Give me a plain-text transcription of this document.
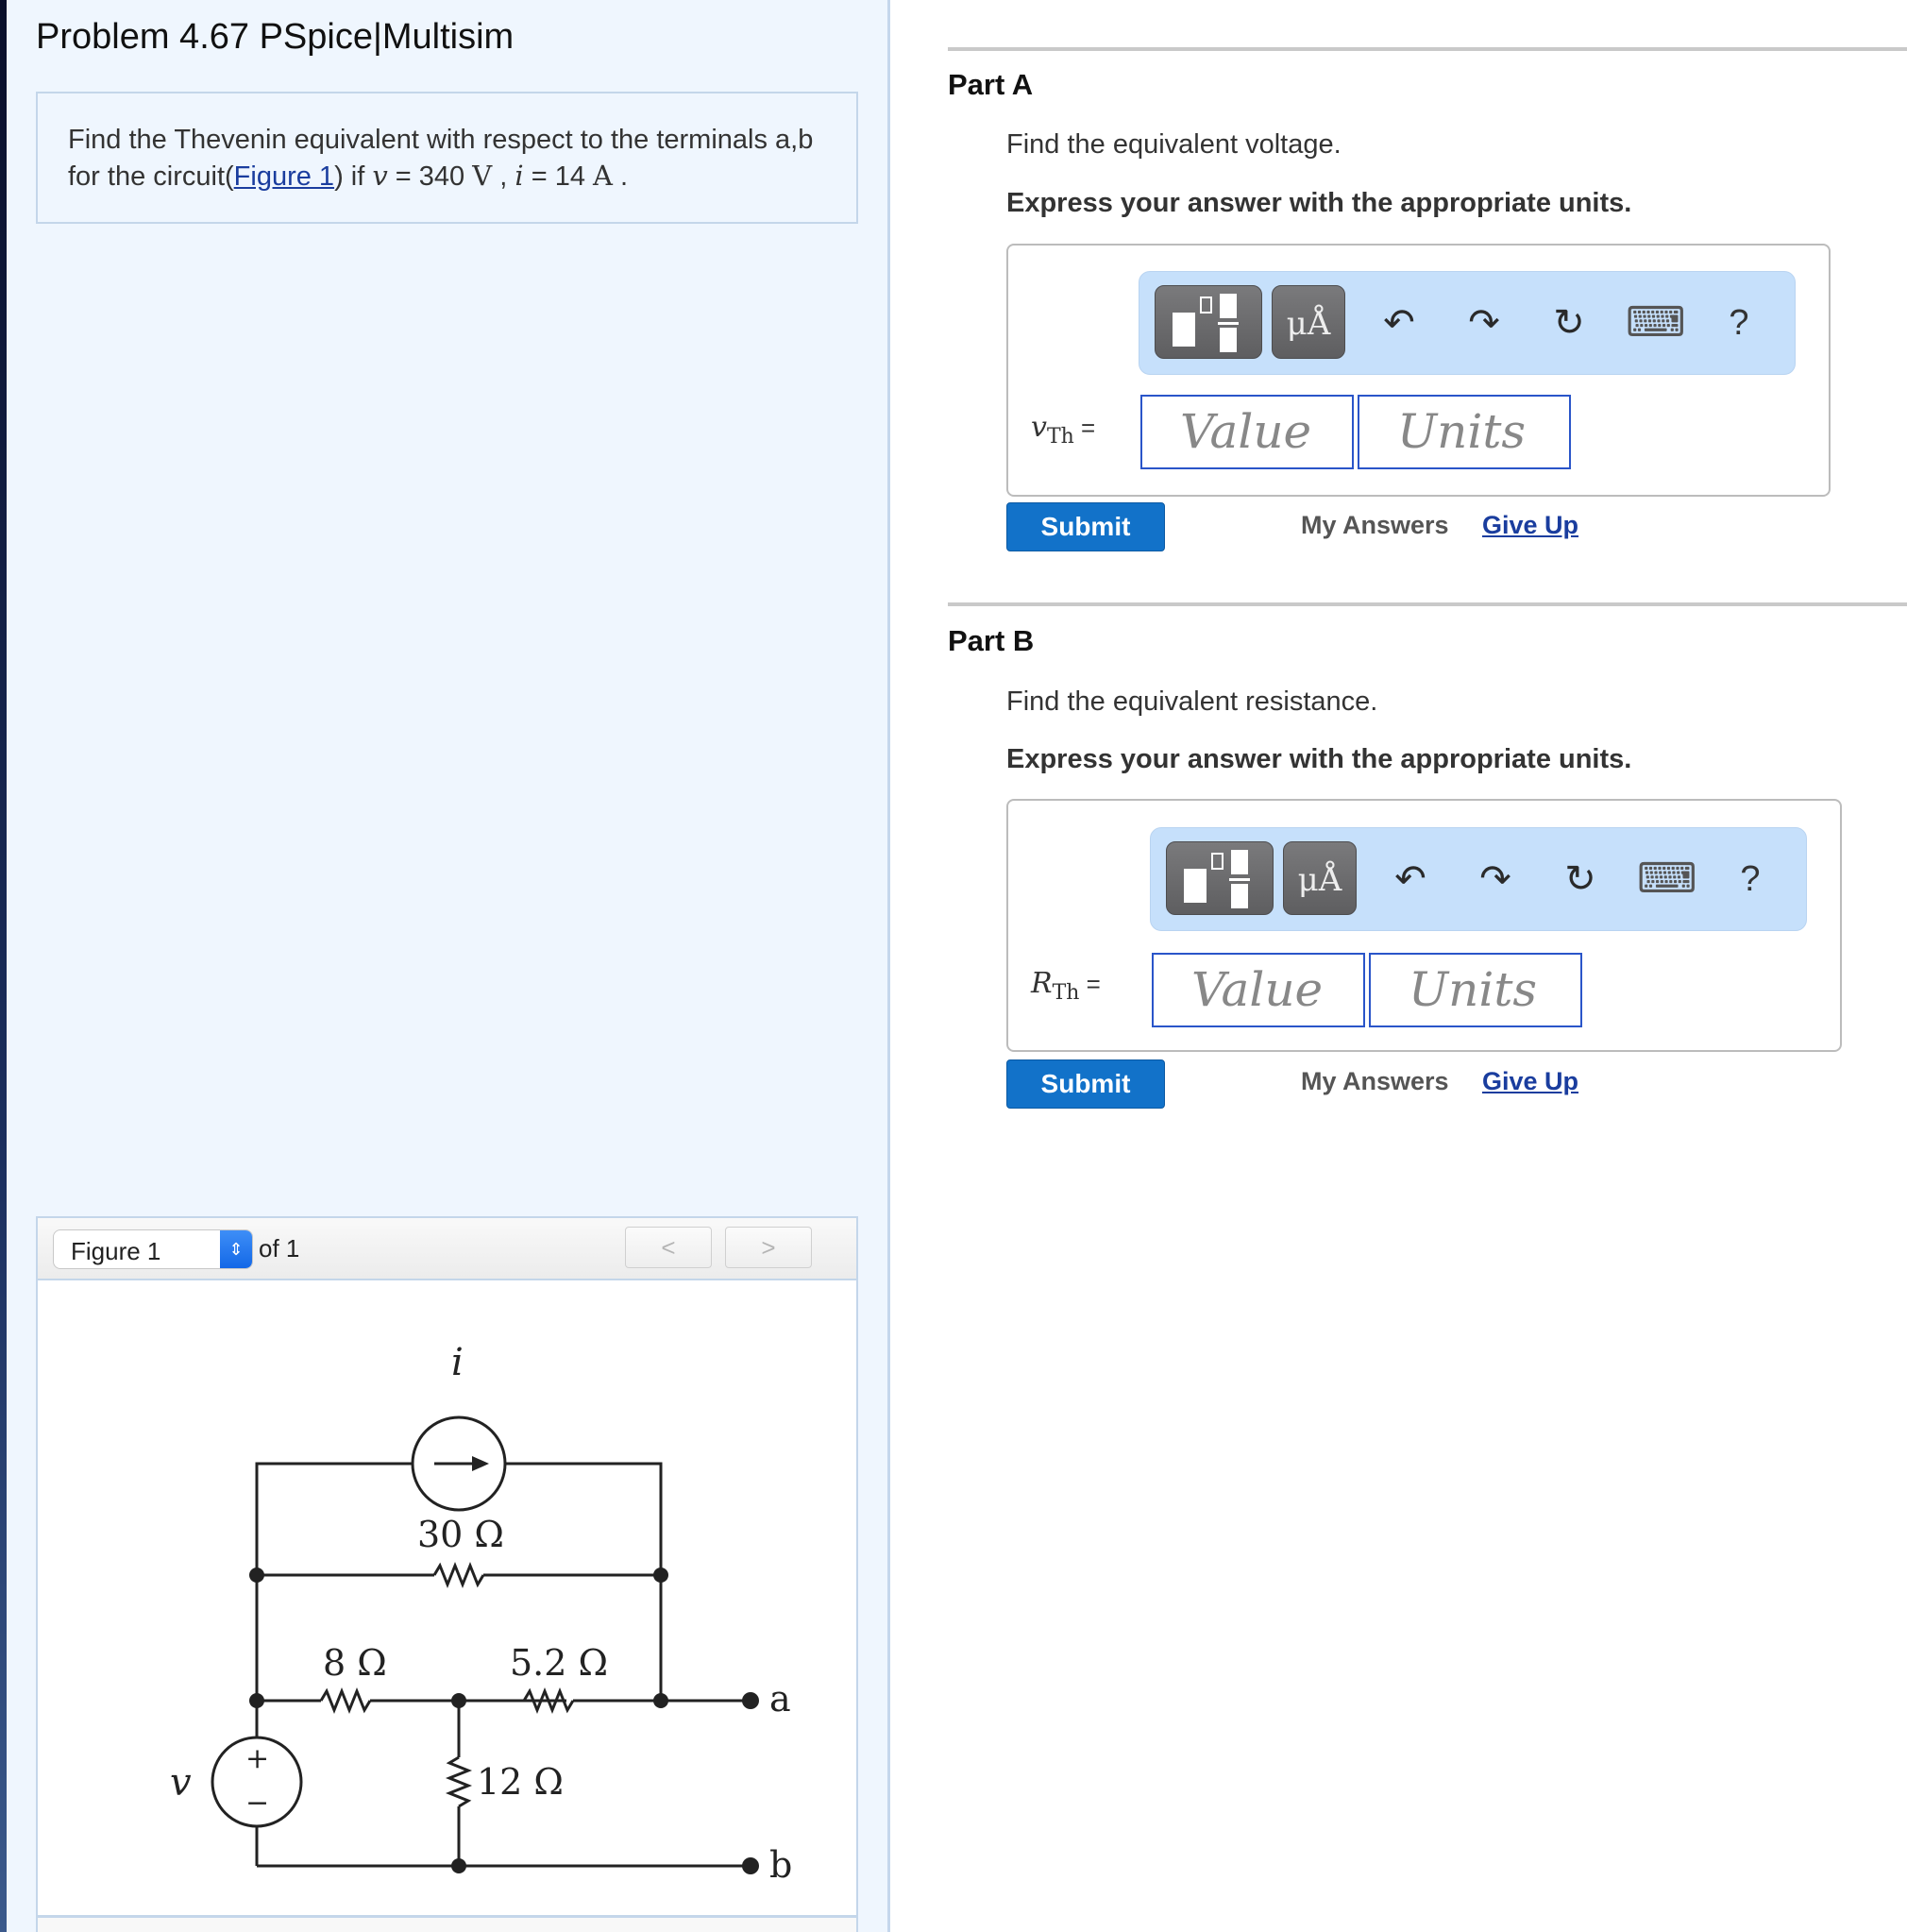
Problem 4.67 PSpice|Multisim
Find the Thevenin equivalent with respect to the terminals a,b for the circuit(Figure 1) if v = 340 V , i = 14 A .
Figure 1	⇕ of 1	<	>
i
v
+
−
30 Ω
8 Ω	5.2 Ω
12 Ω
a
b
Part A
Find the equivalent voltage.
Express your answer with the appropriate units.
μÅ	↶	↷	↻ ⌨	?
$v_{Th}$ =	Value	Units
Submit	My Answers Give Up
Part B
Find the equivalent resistance.
Express your answer with the appropriate units.
μÅ	↶	↷	↻ ⌨	?
$R_{Th}$ =	Value	Units
Submit	My Answers Give Up
